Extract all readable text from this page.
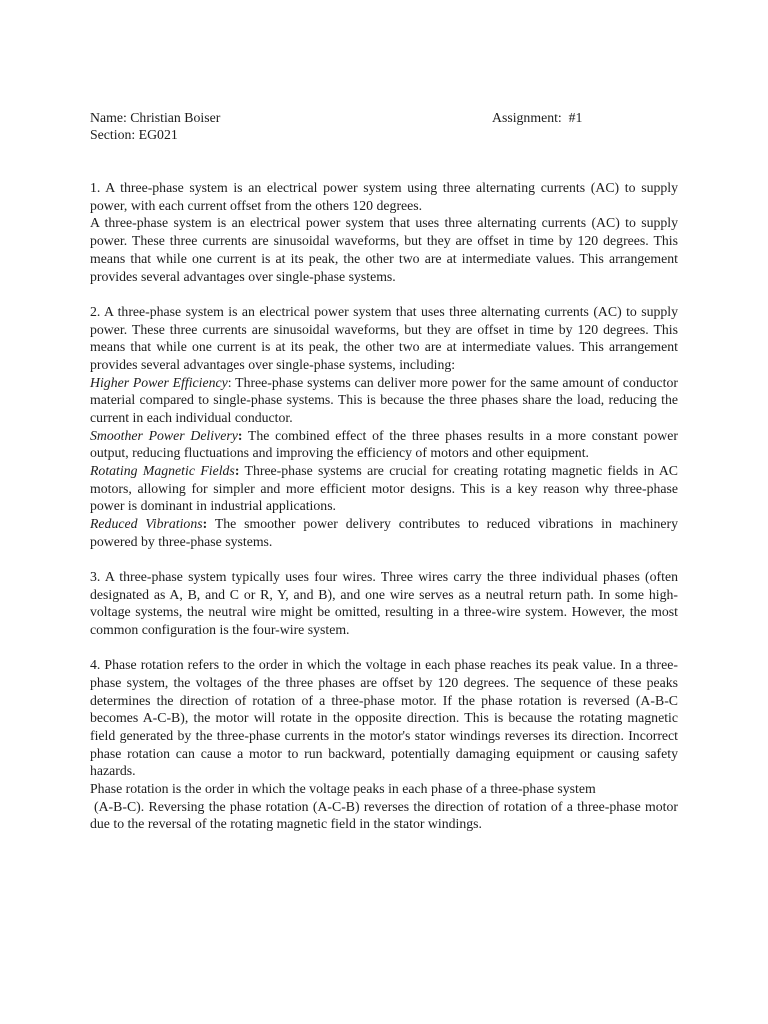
Name: Christian Boiser	Assignment:  #1
Section: EG021

1. A three-phase system is an electrical power system using three alternating currents (AC) to supply power, with each current offset from the others 120 degrees.

A three-phase system is an electrical power system that uses three alternating currents (AC) to supply power. These three currents are sinusoidal waveforms, but they are offset in time by 120 degrees. This means that while one current is at its peak, the other two are at intermediate values. This arrangement provides several advantages over single-phase systems.

2. A three-phase system is an electrical power system that uses three alternating currents (AC) to supply power. These three currents are sinusoidal waveforms, but they are offset in time by 120 degrees. This means that while one current is at its peak, the other two are at intermediate values. This arrangement provides several advantages over single-phase systems, including:

Higher Power Efficiency: Three-phase systems can deliver more power for the same amount of conductor material compared to single-phase systems. This is because the three phases share the load, reducing the current in each individual conductor.

Smoother Power Delivery: The combined effect of the three phases results in a more constant power output, reducing fluctuations and improving the efficiency of motors and other equipment.

Rotating Magnetic Fields: Three-phase systems are crucial for creating rotating magnetic fields in AC motors, allowing for simpler and more efficient motor designs. This is a key reason why three-phase power is dominant in industrial applications.

Reduced Vibrations: The smoother power delivery contributes to reduced vibrations in machinery powered by three-phase systems.

3. A three-phase system typically uses four wires. Three wires carry the three individual phases (often designated as A, B, and C or R, Y, and B), and one wire serves as a neutral return path. In some high-voltage systems, the neutral wire might be omitted, resulting in a three-wire system. However, the most common configuration is the four-wire system.

4. Phase rotation refers to the order in which the voltage in each phase reaches its peak value. In a three-phase system, the voltages of the three phases are offset by 120 degrees. The sequence of these peaks determines the direction of rotation of a three-phase motor. If the phase rotation is reversed (A-B-C becomes A-C-B), the motor will rotate in the opposite direction. This is because the rotating magnetic field generated by the three-phase currents in the motor's stator windings reverses its direction. Incorrect phase rotation can cause a motor to run backward, potentially damaging equipment or causing safety hazards.

Phase rotation is the order in which the voltage peaks in each phase of a three-phase system

(A-B-C). Reversing the phase rotation (A-C-B) reverses the direction of rotation of a three-phase motor due to the reversal of the rotating magnetic field in the stator windings.
